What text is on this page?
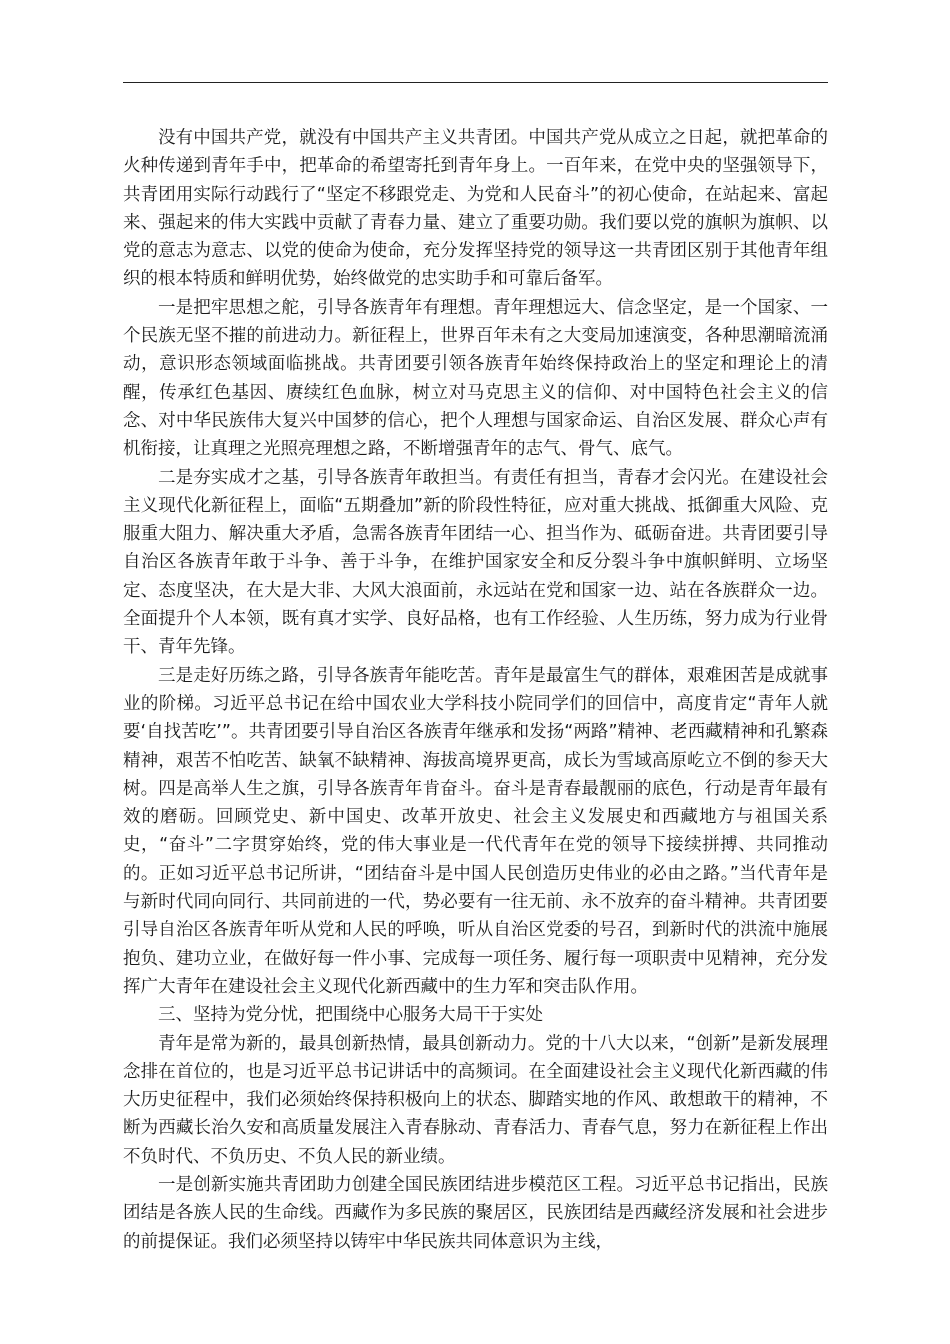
没有中国共产党，就没有中国共产主义共青团。中国共产党从成立之日起，就把革命的火种传递到青年手中，把革命的希望寄托到青年身上。一百年来，在党中央的坚强领导下，共青团用实际行动践行了“坚定不移跟党走、为党和人民奋斗”的初心使命，在站起来、富起来、强起来的伟大实践中贡献了青春力量、建立了重要功勋。我们要以党的旗帜为旗帜、以党的意志为意志、以党的使命为使命，充分发挥坚持党的领导这一共青团区别于其他青年组织的根本特质和鲜明优势，始终做党的忠实助手和可靠后备军。

一是把牢思想之舵，引导各族青年有理想。青年理想远大、信念坚定，是一个国家、一个民族无坚不摧的前进动力。新征程上，世界百年未有之大变局加速演变，各种思潮暗流涌动，意识形态领域面临挑战。共青团要引领各族青年始终保持政治上的坚定和理论上的清醒，传承红色基因、赓续红色血脉，树立对马克思主义的信仰、对中国特色社会主义的信念、对中华民族伟大复兴中国梦的信心，把个人理想与国家命运、自治区发展、群众心声有机衔接，让真理之光照亮理想之路，不断增强青年的志气、骨气、底气。

二是夯实成才之基，引导各族青年敢担当。有责任有担当，青春才会闪光。在建设社会主义现代化新征程上，面临“五期叠加”新的阶段性特征，应对重大挑战、抵御重大风险、克服重大阻力、解决重大矛盾，急需各族青年团结一心、担当作为、砥砺奋进。共青团要引导自治区各族青年敢于斗争、善于斗争，在维护国家安全和反分裂斗争中旗帜鲜明、立场坚定、态度坚决，在大是大非、大风大浪面前，永远站在党和国家一边、站在各族群众一边。全面提升个人本领，既有真才实学、良好品格，也有工作经验、人生历练，努力成为行业骨干、青年先锋。

三是走好历练之路，引导各族青年能吃苦。青年是最富生气的群体，艰难困苦是成就事业的阶梯。习近平总书记在给中国农业大学科技小院同学们的回信中，高度肯定“青年人就要‘自找苦吃’”。共青团要引导自治区各族青年继承和发扬“两路”精神、老西藏精神和孔繁森精神，艰苦不怕吃苦、缺氧不缺精神、海拔高境界更高，成长为雪域高原屹立不倒的参天大树。四是高举人生之旗，引导各族青年肯奋斗。奋斗是青春最靓丽的底色，行动是青年最有效的磨砺。回顾党史、新中国史、改革开放史、社会主义发展史和西藏地方与祖国关系史，“奋斗”二字贯穿始终，党的伟大事业是一代代青年在党的领导下接续拼搏、共同推动的。正如习近平总书记所讲，“团结奋斗是中国人民创造历史伟业的必由之路。”当代青年是与新时代同向同行、共同前进的一代，势必要有一往无前、永不放弃的奋斗精神。共青团要引导自治区各族青年听从党和人民的呼唤，听从自治区党委的号召，到新时代的洪流中施展抱负、建功立业，在做好每一件小事、完成每一项任务、履行每一项职责中见精神，充分发挥广大青年在建设社会主义现代化新西藏中的生力军和突击队作用。

三、坚持为党分忧，把围绕中心服务大局干于实处

青年是常为新的，最具创新热情，最具创新动力。党的十八大以来，“创新”是新发展理念排在首位的，也是习近平总书记讲话中的高频词。在全面建设社会主义现代化新西藏的伟大历史征程中，我们必须始终保持积极向上的状态、脚踏实地的作风、敢想敢干的精神，不断为西藏长治久安和高质量发展注入青春脉动、青春活力、青春气息，努力在新征程上作出不负时代、不负历史、不负人民的新业绩。

一是创新实施共青团助力创建全国民族团结进步模范区工程。习近平总书记指出，民族团结是各族人民的生命线。西藏作为多民族的聚居区，民族团结是西藏经济发展和社会进步的前提保证。我们必须坚持以铸牢中华民族共同体意识为主线，
